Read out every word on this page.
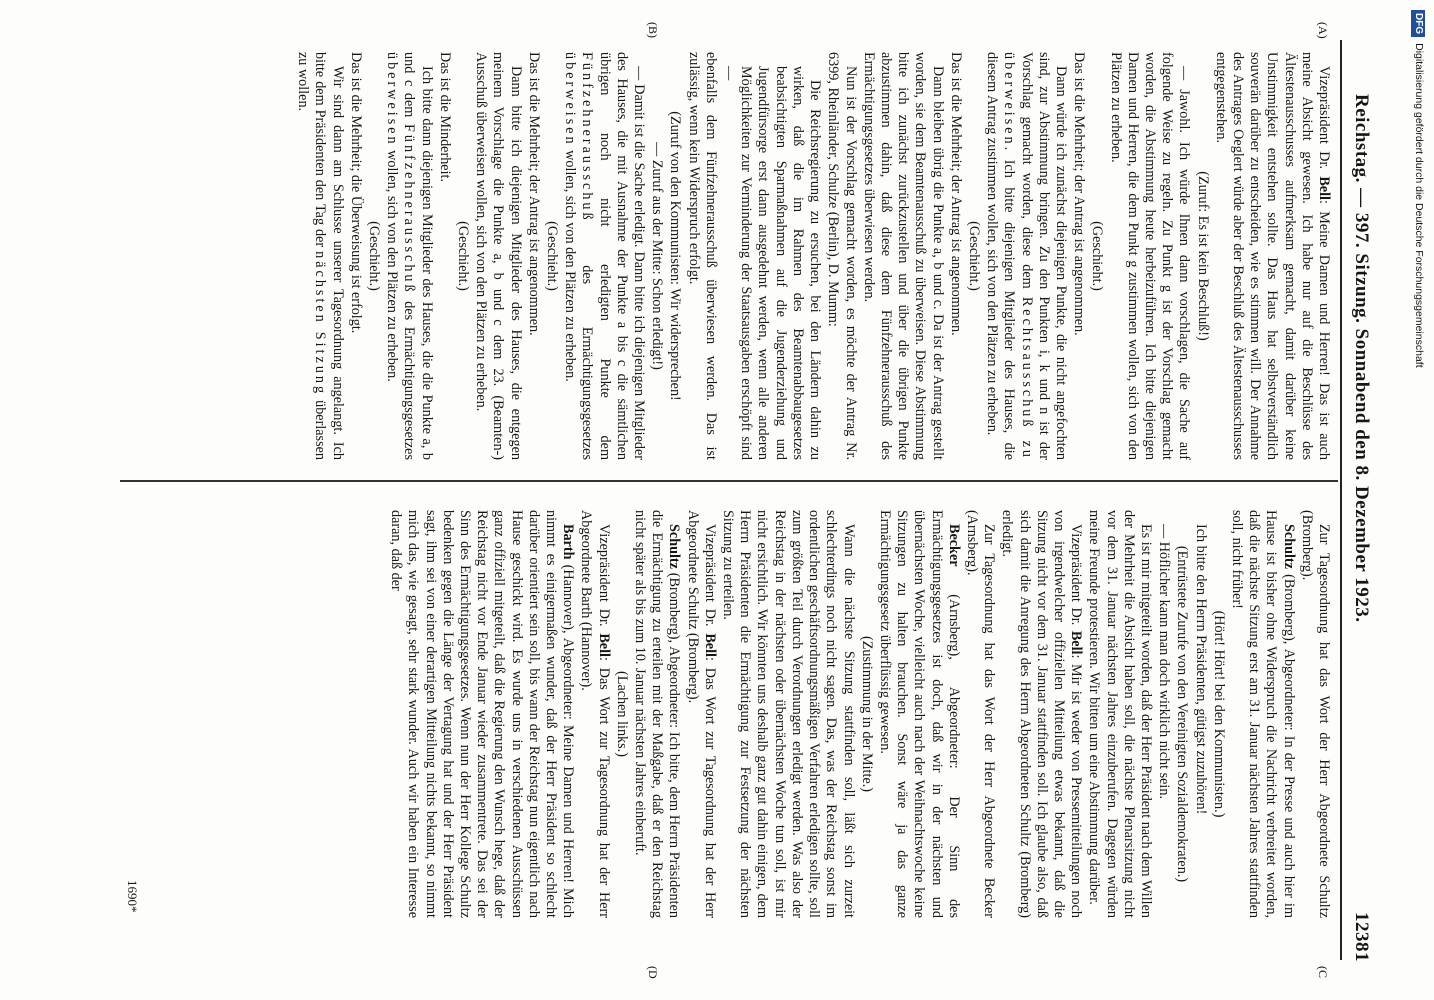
Reichstag. — 397. Sitzung. Sonnabend den 8. Dezember 1923.
12381
(A)
(B)
(C
(D

Vizepräsident Dr. Bell: Meine Damen und Herren! Das ist auch meine Absicht gewesen. Ich habe nur auf die Beschlüsse des Ältestenausschusses aufmerksam gemacht, damit darüber keine Unstimmigkeit entstehen sollte. Das Haus hat selbstverständlich souverän darüber zu entscheiden, wie es stimmen will. Der Annahme des Antrages Oeglert würde aber der Beschluß des Ältestenausschusses entgegenstehen.

(Zuruf: Es ist kein Beschluß!)

— Jawohl. Ich würde Ihnen dann vorschlagen, die Sache auf folgende Weise zu regeln. Zu Punkt g ist der Vorschlag gemacht worden, die Abstimmung heute herbeizuführen. Ich bitte diejenigen Damen und Herren, die dem Punkt g zustimmen wollen, sich von den Plätzen zu erheben.

(Geschieht.)

Das ist die Mehrheit; der Antrag ist angenommen.

Dann würde ich zunächst diejenigen Punkte, die nicht angefochten sind, zur Abstimmung bringen. Zu den Punkten i, k und n ist der Vorschlag gemacht worden, diese dem Rechtsausschuß zu überweisen. Ich bitte diejenigen Mitglieder des Hauses, die diesem Antrag zustimmen wollen, sich von den Plätzen zu erheben.

(Geschieht.)

Das ist die Mehrheit; der Antrag ist angenommen.

Dann bleiben übrig die Punkte a, b und c. Da ist der Antrag gestellt worden, sie dem Beamtenausschuß zu überweisen. Diese Abstimmung bitte ich zunächst zurückzustellen und über die übrigen Punkte abzustimmen dahin, daß diese dem Fünfzehnerausschuß des Ermächtigungsgesetzes überwiesen werden.

Nun ist der Vorschlag gemacht worden, es möchte der Antrag Nr. 6399, Rheinländer, Schulze (Berlin), D. Mumm:

Die Reichsregierung zu ersuchen, bei den Ländern dahin zu wirken, daß die im Rahmen des Beamtenabbaugesetzes beabsichtigten Sparmaßnahmen auf die Jugenderziehung und Jugendfürsorge erst dann ausgedehnt werden, wenn alle anderen Möglichkeiten zur Verminderung der Staatsausgaben erschöpft sind —

ebenfalls dem Fünfzehnerausschuß überwiesen werden. Das ist zulässig, wenn kein Widerspruch erfolgt.

(Zuruf von den Kommunisten: Wir widersprechen!

— Zuruf aus der Mitte: Schon erledigt!)

— Damit ist die Sache erledigt. Dann bitte ich diejenigen Mitglieder des Hauses, die mit Ausnahme der Punkte a bis c die sämtlichen übrigen noch nicht erledigten Punkte dem Fünfzehnerausschuß des Ermächtigungsgesetzes überweisen wollen, sich von den Plätzen zu erheben.

(Geschieht.)

Das ist die Mehrheit; der Antrag ist angenommen.

Dann bitte ich diejenigen Mitglieder des Hauses, die entgegen meinem Vorschlage die Punkte a, b und c dem 23. (Beamten-) Ausschuß überweisen wollen, sich von den Plätzen zu erheben.

(Geschieht.)

Das ist die Minderheit.

Ich bitte dann diejenigen Mitglieder des Hauses, die die Punkte a, b und c dem Fünfzehnerausschuß des Ermächtigungsgesetzes überweisen wollen, sich von den Plätzen zu erheben.

(Geschieht.)

Das ist die Mehrheit; die Überweisung ist erfolgt.

Wir sind dann am Schlusse unserer Tagesordnung angelangt. Ich bitte dem Präsidenten den Tag der nächsten Sitzung überlassen zu wollen.

Zur Tagesordnung hat das Wort der Herr Abgeordnete Schultz (Bromberg).

Schultz (Bromberg), Abgeordneter: In der Presse und auch hier im Hause ist bisher ohne Widerspruch die Nachricht verbreitet worden, daß die nächste Sitzung erst am 31. Januar nächsten Jahres stattfinden soll, nicht früher!

(Hört! Hört! bei den Kommunisten.)

Ich bitte den Herrn Präsidenten, gütigst zuzuhören!

(Entrüstete Zurufe von den Vereinigten Sozialdemokraten.)

— Höflicher kann man doch wirklich nicht sein.

Es ist mir mitgeteilt worden, daß der Herr Präsident nach dem Willen der Mehrheit die Absicht haben soll, die nächste Plenarsitzung nicht vor dem 31. Januar nächsten Jahres einzuberufen. Dagegen würden meine Freunde protestieren. Wir bitten um eine Abstimmung darüber.

Vizepräsident Dr. Bell: Mir ist weder von Pressemitteilungen noch von irgendwelcher offiziellen Mitteilung etwas bekannt, daß die Sitzung nicht vor dem 31. Januar stattfinden soll. Ich glaube also, daß sich damit die Anregung des Herrn Abgeordneten Schultz (Bromberg) erledigt.

Zur Tagesordnung hat das Wort der Herr Abgeordnete Becker (Arnsberg).

Becker (Arnsberg), Abgeordneter: Der Sinn des Ermächtigungsgesetzes ist doch, daß wir in der nächsten und übernächsten Woche, vielleicht auch nach der Weihnachtswoche keine Sitzungen zu halten brauchen. Sonst wäre ja das ganze Ermächtigungsgesetz überflüssig gewesen.

(Zustimmung in der Mitte.)

Wann die nächste Sitzung stattfinden soll, läßt sich zurzeit schlechterdings noch nicht sagen. Das, was der Reichstag sonst im ordentlichen geschäftsordnungsmäßigen Verfahren erledigen sollte, soll zum größten Teil durch Verordnungen erledigt werden. Was also der Reichstag in der nächsten oder übernächsten Woche tun soll, ist mir nicht ersichtlich. Wir könnten uns deshalb ganz gut dahin einigen, dem Herrn Präsidenten die Ermächtigung zur Festsetzung der nächsten Sitzung zu erteilen.

Vizepräsident Dr. Bell: Das Wort zur Tagesordnung hat der Herr Abgeordnete Schultz (Bromberg).

Schultz (Bromberg), Abgeordneter: Ich bitte, dem Herrn Präsidenten die Ermächtigung zu erteilen mit der Maßgabe, daß er den Reichstag nicht später als bis zum 10. Januar nächsten Jahres einberuft.

(Lachen links.)

Vizepräsident Dr. Bell: Das Wort zur Tagesordnung hat der Herr Abgeordnete Barth (Hannover).

Barth (Hannover), Abgeordneter: Meine Damen und Herren! Mich nimmt es einigermaßen wunder, daß der Herr Präsident so schlecht darüber orientiert sein soll, bis wann der Reichstag nun eigentlich nach Hause geschickt wird. Es wurde uns in verschiedenen Ausschüssen ganz offiziell mitgeteilt, daß die Regierung den Wunsch hege, daß der Reichstag nicht vor Ende Januar wieder zusammentrete. Das sei der Sinn des Ermächtigungsgesetzes. Wenn nun der Herr Kollege Schultz bedenken gegen die Länge der Vertagung hat und der Herr Präsident sagt, ihm sei von einer derartigen Mitteilung nichts bekannt, so nimmt mich das, wie gesagt, sehr stark wunder. Auch wir haben ein Interesse daran, daß der

1690*
DFGDigitalisierung gefördert durch die Deutsche Forschungsgemeinschaft
